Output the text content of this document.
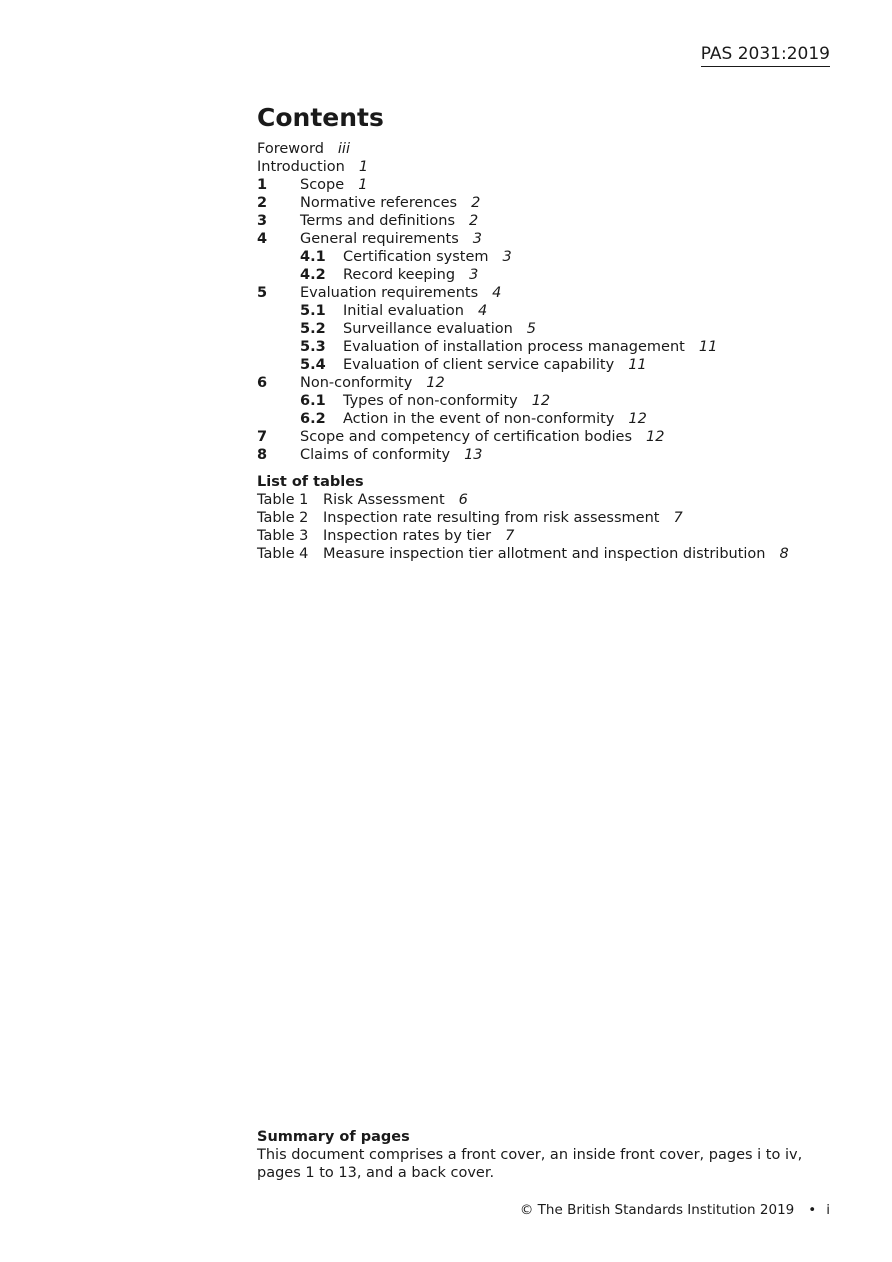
PAS 2031:2019
Contents
Foreword iii
Introduction 1
1 Scope 1
2 Normative references 2
3 Terms and definitions 2
4 General requirements 3
4.1 Certification system 3
4.2 Record keeping 3
5 Evaluation requirements 4
5.1 Initial evaluation 4
5.2 Surveillance evaluation 5
5.3 Evaluation of installation process management 11
5.4 Evaluation of client service capability 11
6 Non-conformity 12
6.1 Types of non-conformity 12
6.2 Action in the event of non-conformity 12
7 Scope and competency of certification bodies 12
8 Claims of conformity 13
List of tables
Table 1 Risk Assessment 6
Table 2 Inspection rate resulting from risk assessment 7
Table 3 Inspection rates by tier 7
Table 4 Measure inspection tier allotment and inspection distribution 8
Summary of pages
This document comprises a front cover, an inside front cover, pages i to iv, pages 1 to 13, and a back cover.
© The British Standards Institution 2019 • i
